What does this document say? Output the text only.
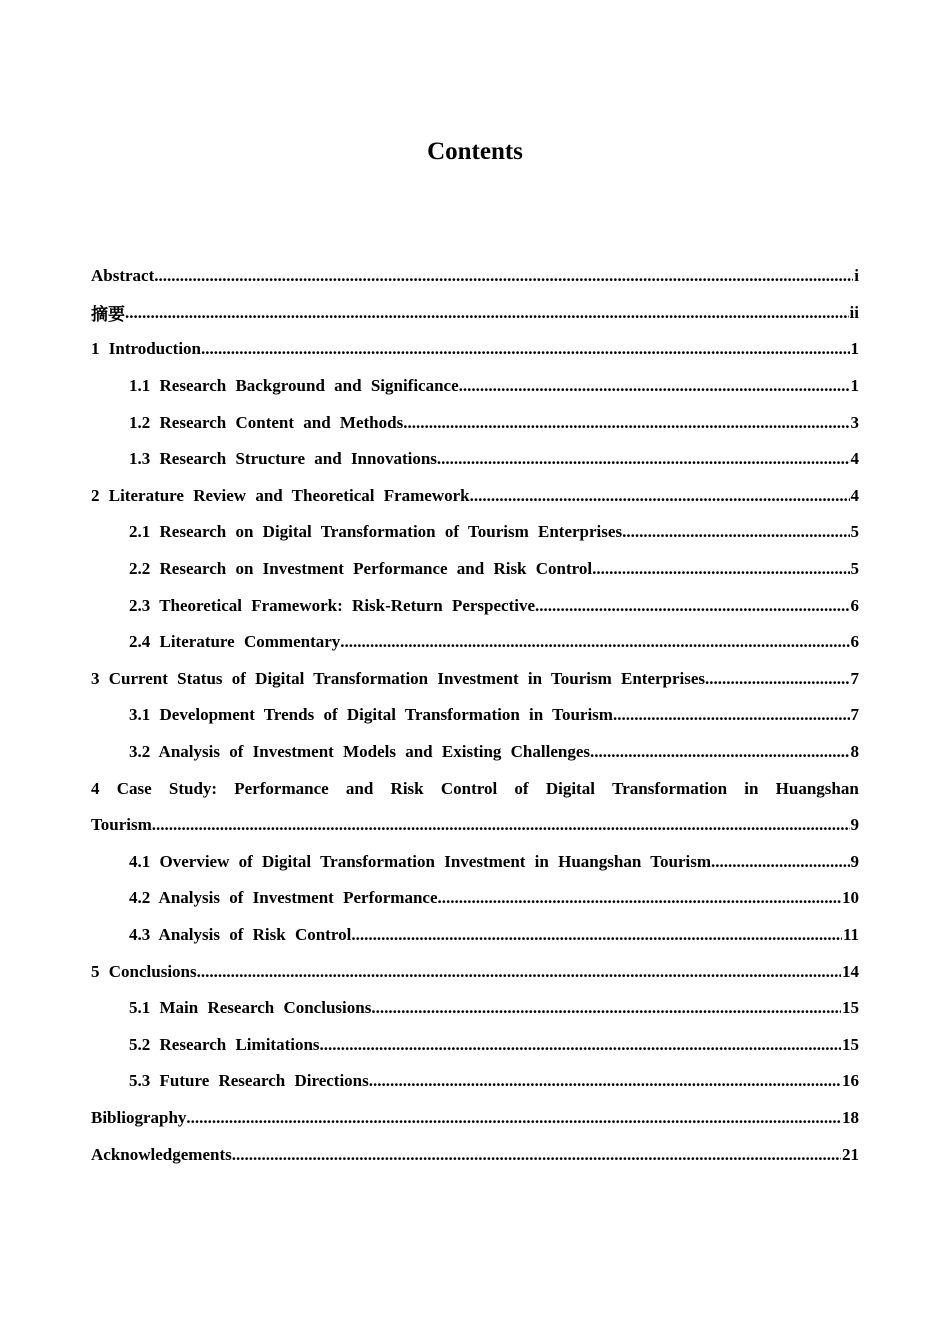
Contents
Abstract .....	i
摘要 .....	ii
1 Introduction .....	1
1.1 Research Background and Significance .....	1
1.2 Research Content and Methods .....	3
1.3 Research Structure and Innovations .....	4
2 Literature Review and Theoretical Framework .....	4
2.1 Research on Digital Transformation of Tourism Enterprises .....	5
2.2 Research on Investment Performance and Risk Control .....	5
2.3 Theoretical Framework: Risk-Return Perspective .....	6
2.4 Literature Commentary .....	6
3 Current Status of Digital Transformation Investment in Tourism Enterprises .....	7
3.1 Development Trends of Digital Transformation in Tourism .....	7
3.2 Analysis of Investment Models and Existing Challenges .....	8
4 Case Study: Performance and Risk Control of Digital Transformation in Huangshan
Tourism .....	9
4.1 Overview of Digital Transformation Investment in Huangshan Tourism .....	9
4.2 Analysis of Investment Performance .....	10
4.3 Analysis of Risk Control .....	11
5 Conclusions .....	14
5.1 Main Research Conclusions .....	15
5.2 Research Limitations .....	15
5.3 Future Research Directions .....	16
Bibliography .....	18
Acknowledgements .....	21
